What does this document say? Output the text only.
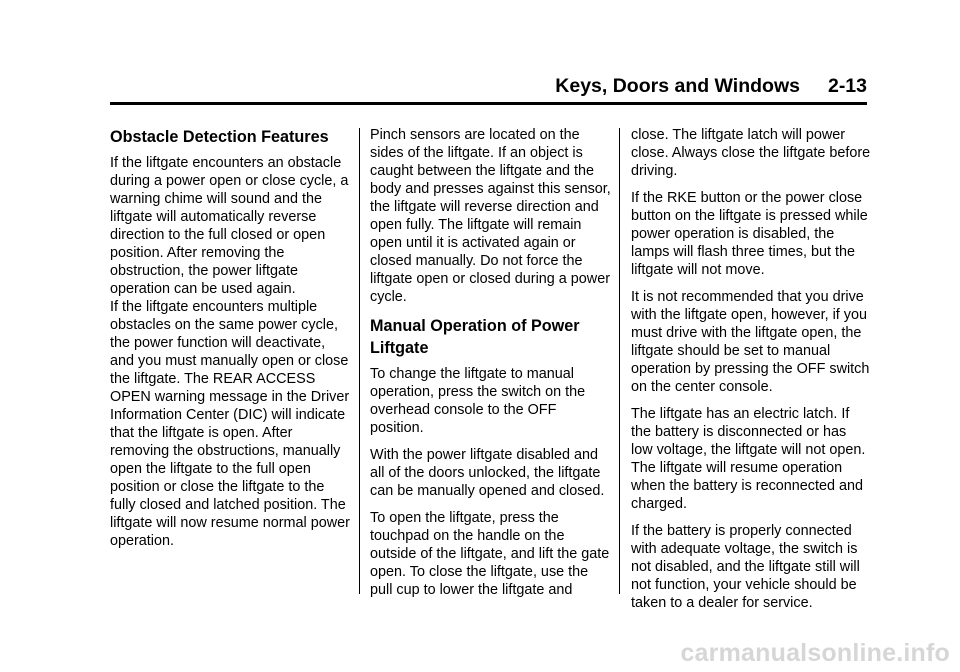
Keys, Doors and Windows 2-13
Obstacle Detection Features

If the liftgate encounters an obstacle during a power open or close cycle, a warning chime will sound and the liftgate will automatically reverse direction to the full closed or open position. After removing the obstruction, the power liftgate operation can be used again.

If the liftgate encounters multiple obstacles on the same power cycle, the power function will deactivate, and you must manually open or close the liftgate. The REAR ACCESS OPEN warning message in the Driver Information Center (DIC) will indicate that the liftgate is open. After removing the obstructions, manually open the liftgate to the full open position or close the liftgate to the fully closed and latched position. The liftgate will now resume normal power operation.

Pinch sensors are located on the sides of the liftgate. If an object is caught between the liftgate and the body and presses against this sensor, the liftgate will reverse direction and open fully. The liftgate will remain open until it is activated again or closed manually. Do not force the liftgate open or closed during a power cycle.

Manual Operation of Power Liftgate

To change the liftgate to manual operation, press the switch on the overhead console to the OFF position.

With the power liftgate disabled and all of the doors unlocked, the liftgate can be manually opened and closed.

To open the liftgate, press the touchpad on the handle on the outside of the liftgate, and lift the gate open. To close the liftgate, use the pull cup to lower the liftgate and

close. The liftgate latch will power close. Always close the liftgate before driving.

If the RKE button or the power close button on the liftgate is pressed while power operation is disabled, the lamps will flash three times, but the liftgate will not move.

It is not recommended that you drive with the liftgate open, however, if you must drive with the liftgate open, the liftgate should be set to manual operation by pressing the OFF switch on the center console.

The liftgate has an electric latch. If the battery is disconnected or has low voltage, the liftgate will not open. The liftgate will resume operation when the battery is reconnected and charged.

If the battery is properly connected with adequate voltage, the switch is not disabled, and the liftgate still will not function, your vehicle should be taken to a dealer for service.

carmanualsonline.info
